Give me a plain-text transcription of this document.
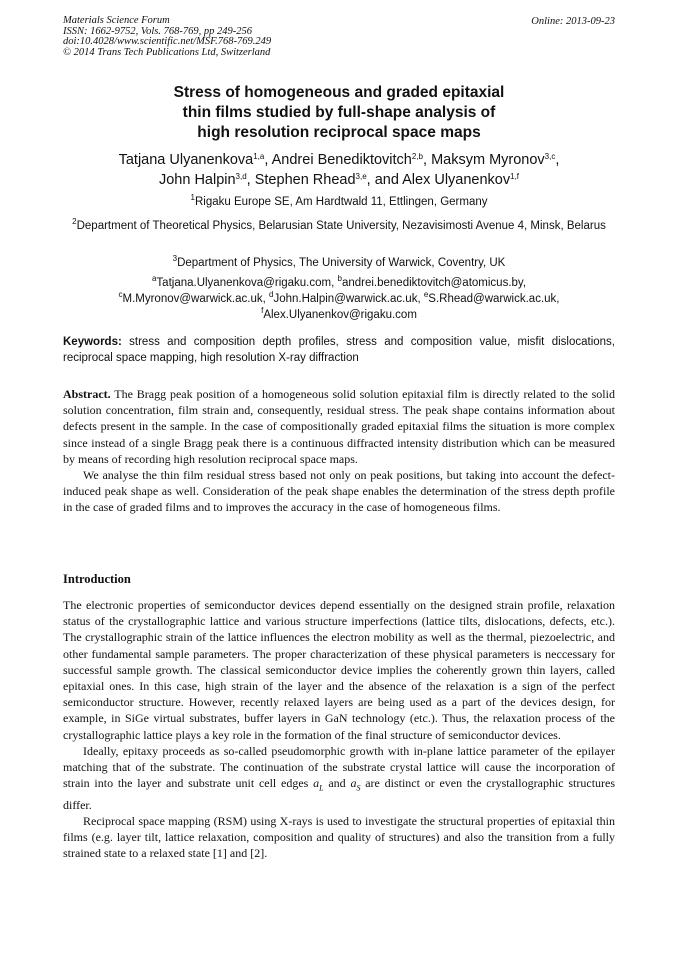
Materials Science Forum
ISSN: 1662-9752, Vols. 768-769, pp 249-256
doi:10.4028/www.scientific.net/MSF.768-769.249
© 2014 Trans Tech Publications Ltd, Switzerland
Online: 2013-09-23
Stress of homogeneous and graded epitaxial
thin films studied by full-shape analysis of
high resolution reciprocal space maps
Tatjana Ulyanenkova$^{1,a}$, Andrei Benediktovitch$^{2,b}$, Maksym Myronov$^{3,c}$,
John Halpin$^{3,d}$, Stephen Rhead$^{3,e}$, and Alex Ulyanenkov$^{1,f}$
$^1$Rigaku Europe SE, Am Hardtwald 11, Ettlingen, Germany
$^2$Department of Theoretical Physics, Belarusian State University, Nezavisimosti Avenue 4, Minsk, Belarus
$^3$Department of Physics, The University of Warwick, Coventry, UK
$^a$Tatjana.Ulyanenkova@rigaku.com, $^b$andrei.benediktovitch@atomicus.by,
$^c$M.Myronov@warwick.ac.uk, $^d$John.Halpin@warwick.ac.uk, $^e$S.Rhead@warwick.ac.uk,
$^f$Alex.Ulyanenkov@rigaku.com
Keywords: stress and composition depth profiles, stress and composition value, misfit dislocations, reciprocal space mapping, high resolution X-ray diffraction

Abstract. The Bragg peak position of a homogeneous solid solution epitaxial film is directly related to the solid solution concentration, film strain and, consequently, residual stress. The peak shape contains information about defects present in the sample. In the case of compositionally graded epitaxial films the situation is more complex since instead of a single Bragg peak there is a continuous diffracted intensity distribution which can be measured by means of recording high resolution reciprocal space maps.

We analyse the thin film residual stress based not only on peak positions, but taking into account the defect-induced peak shape as well. Consideration of the peak shape enables the determination of the stress depth profile in the case of graded films and to improves the accuracy in the case of homogeneous films.

Introduction

The electronic properties of semiconductor devices depend essentially on the designed strain profile, relaxation status of the crystallographic lattice and various structure imperfections (lattice tilts, dislocations, defects, etc.). The crystallographic strain of the lattice influences the electron mobility as well as the thermal, piezoelectric, and other fundamental sample parameters. The proper characterization of these physical parameters is neccessary for successful sample growth. The classical semiconductor device implies the coherently grown thin layers, called epitaxial ones. In this case, high strain of the layer and the absence of the relaxation is a sign of the perfect semiconductor structure. However, recently relaxed layers are being used as a part of the devices design, for example, in SiGe virtual substrates, buffer layers in GaN technology (etc.). Thus, the relaxation process of the crystallographic lattice plays a key role in the formation of the final structure of semiconductor devices.

Ideally, epitaxy proceeds as so-called pseudomorphic growth with in-plane lattice parameter of the epilayer matching that of the substrate. The continuation of the substrate crystal lattice will cause the incorporation of strain into the layer and substrate unit cell edges $a_L$ and $a_S$ are distinct or even the crystallographic structures differ.

Reciprocal space mapping (RSM) using X-rays is used to investigate the structural properties of epitaxial thin films (e.g. layer tilt, lattice relaxation, composition and quality of structures) and also the transition from a fully strained state to a relaxed state [1] and [2].
